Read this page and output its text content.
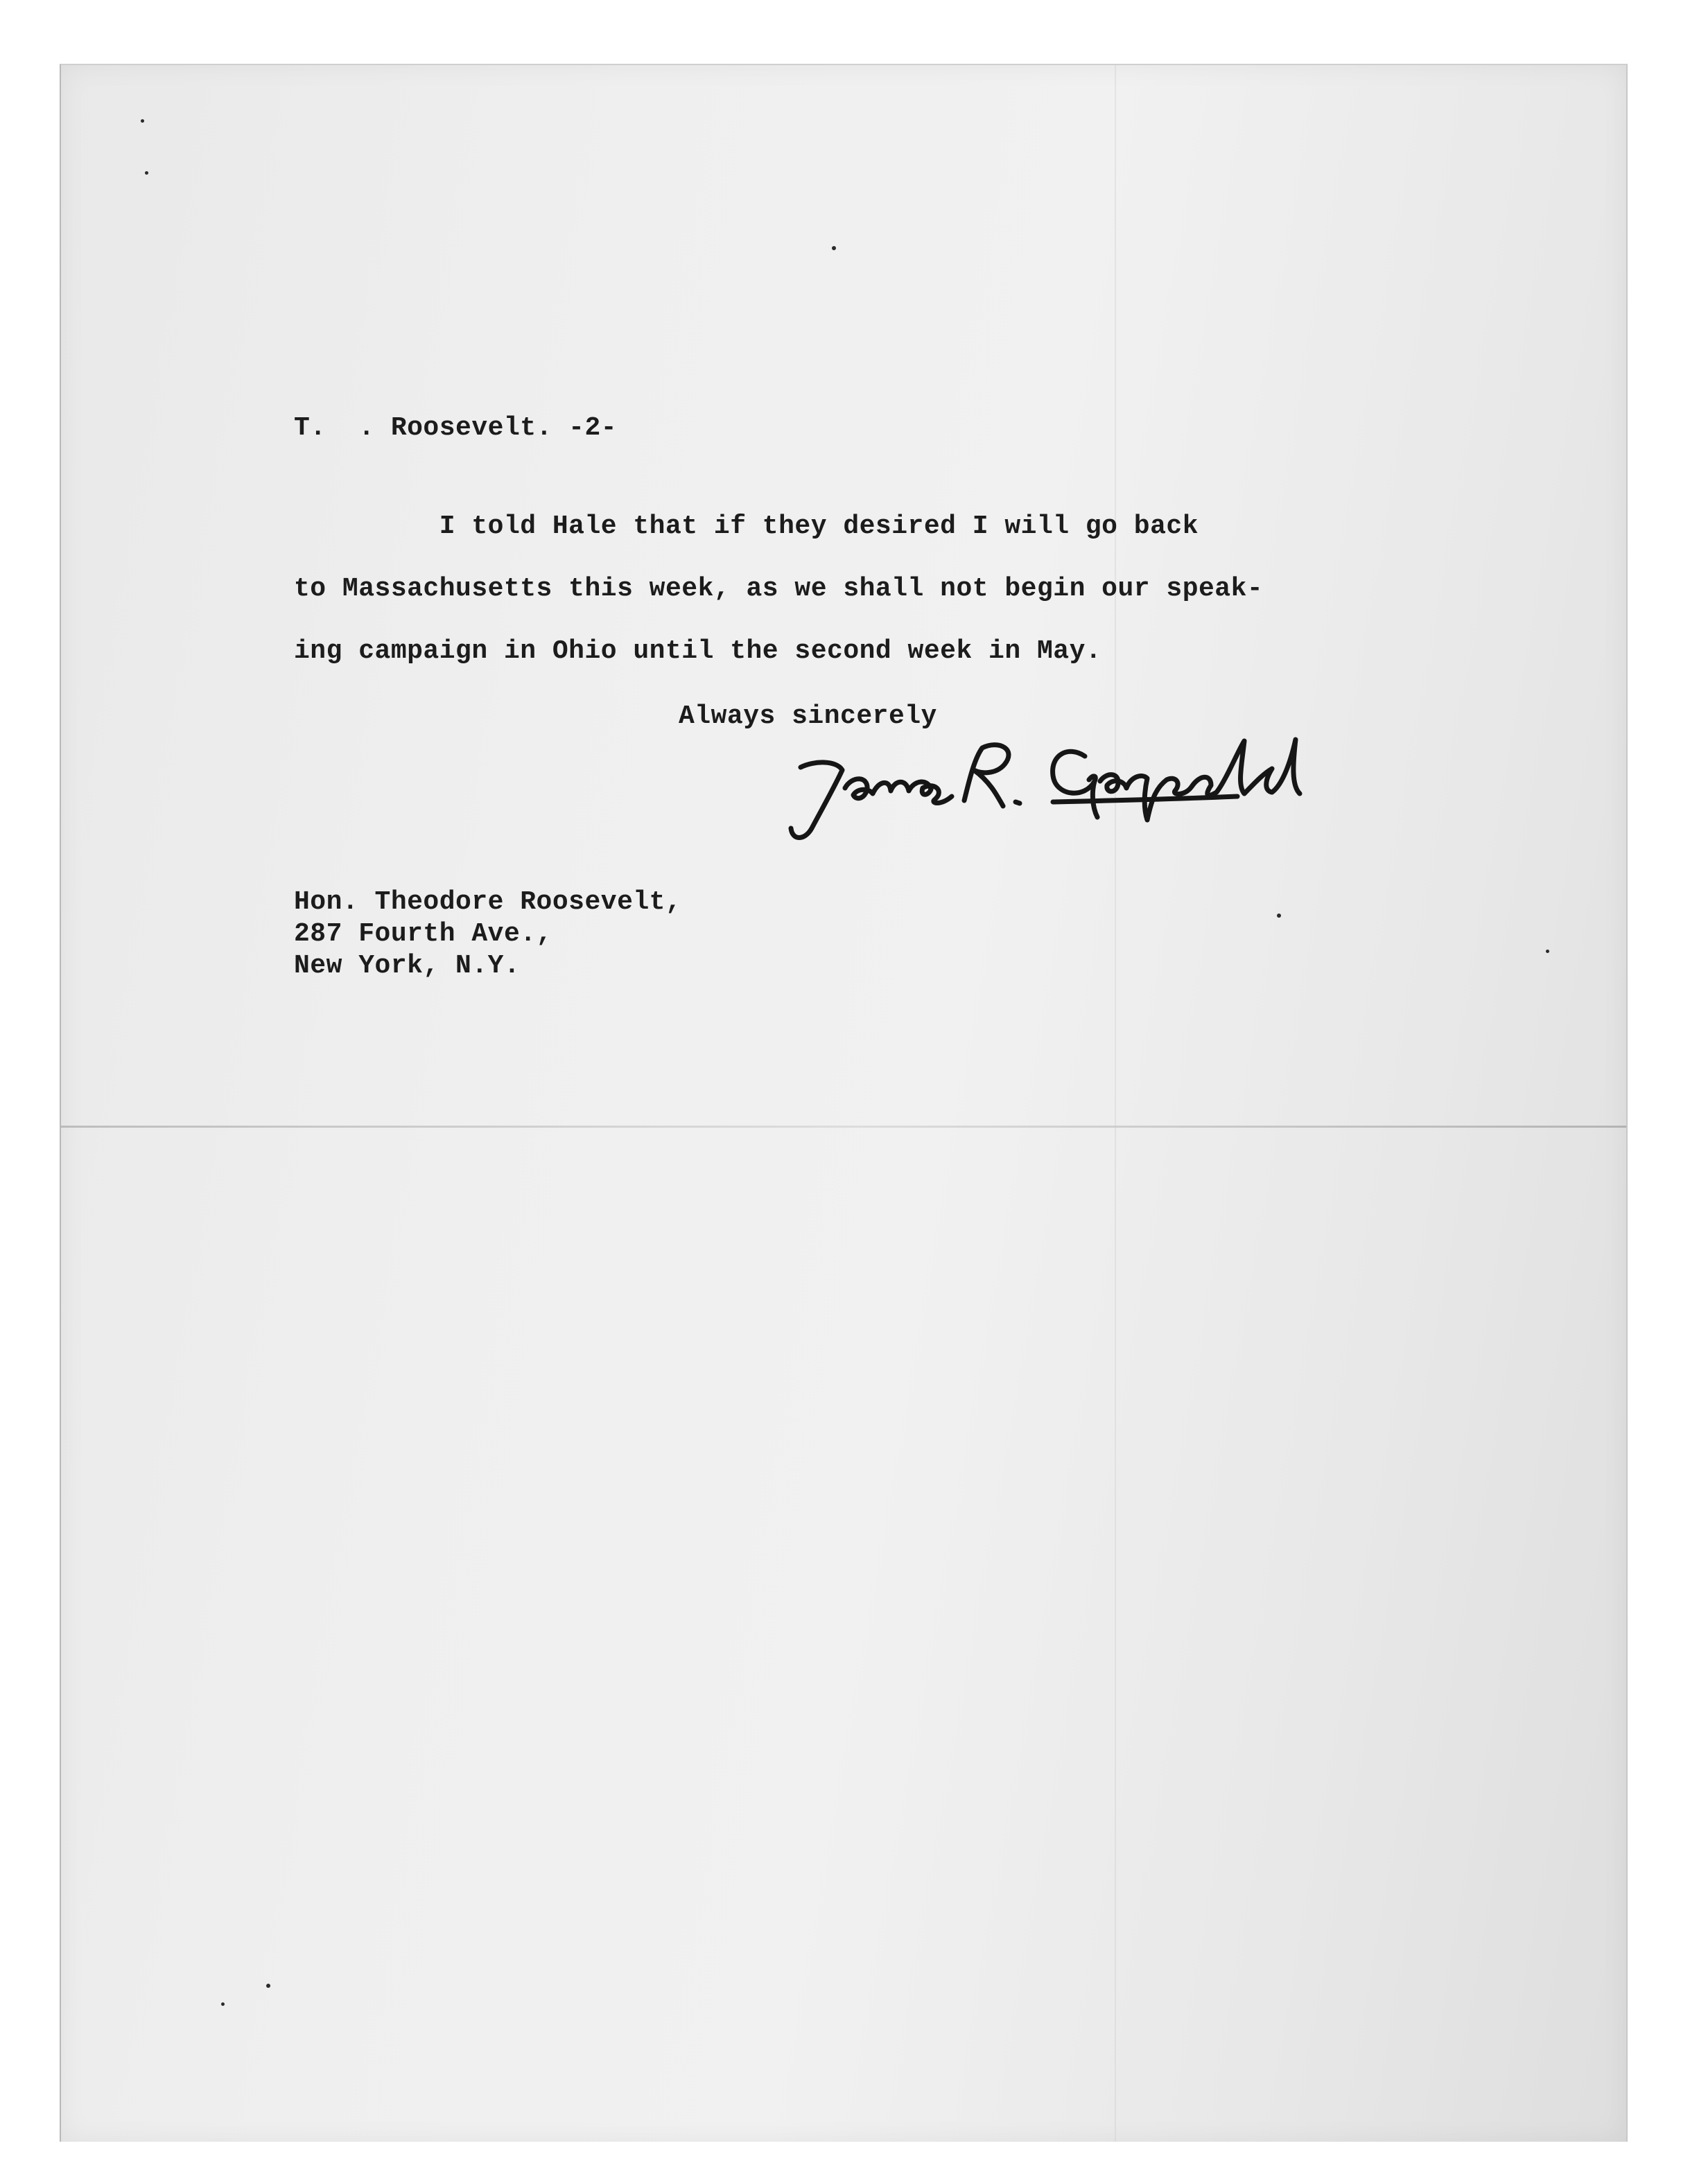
T.  . Roosevelt. -2-
I told Hale that if they desired I will go back
to Massachusetts this week, as we shall not begin our speak-
ing campaign in Ohio until the second week in May.
Always sincerely
Hon. Theodore Roosevelt,
287 Fourth Ave.,
New York, N.Y.
